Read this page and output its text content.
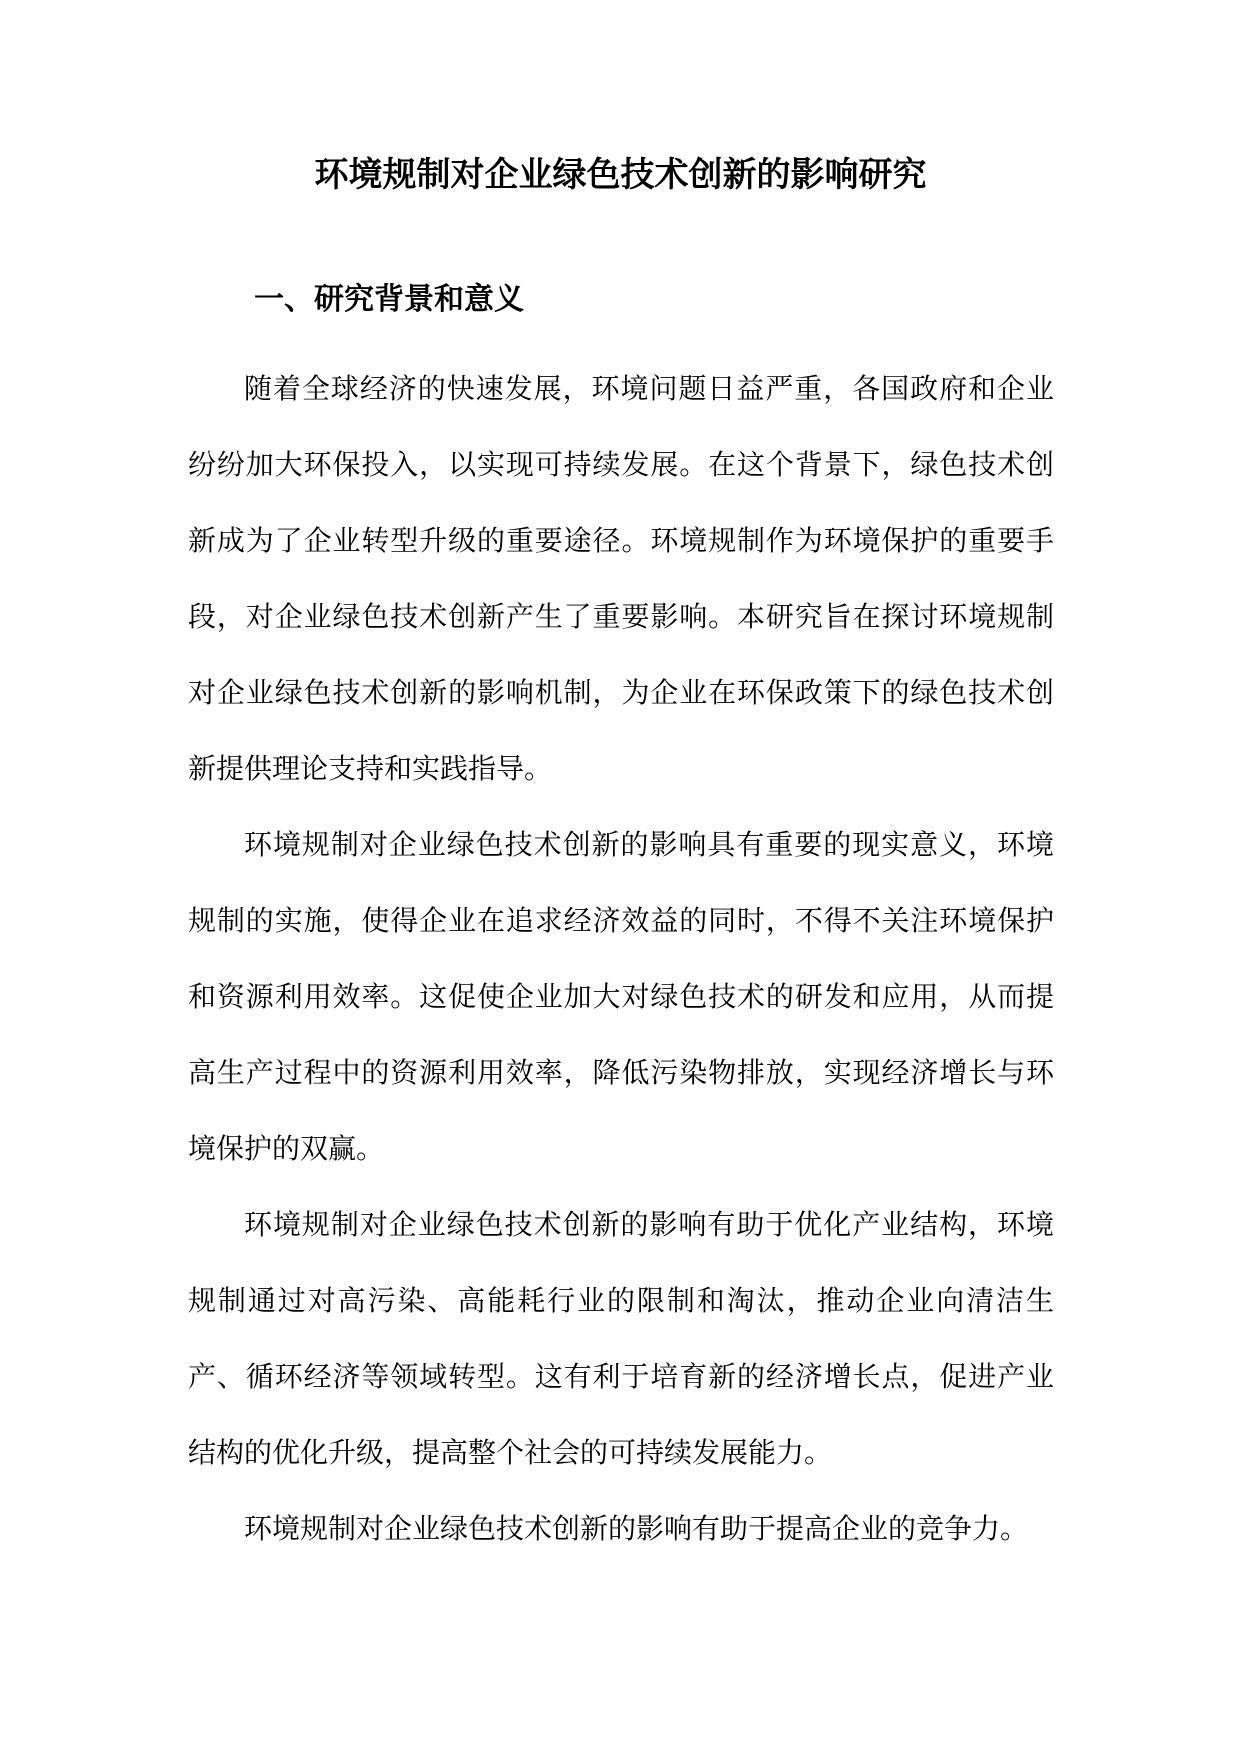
环境规制对企业绿色技术创新的影响研究
一、研究背景和意义

随着全球经济的快速发展，环境问题日益严重，各国政府和企业纷纷加大环保投入，以实现可持续发展。在这个背景下，绿色技术创新成为了企业转型升级的重要途径。环境规制作为环境保护的重要手段，对企业绿色技术创新产生了重要影响。本研究旨在探讨环境规制对企业绿色技术创新的影响机制，为企业在环保政策下的绿色技术创新提供理论支持和实践指导。

环境规制对企业绿色技术创新的影响具有重要的现实意义，环境规制的实施，使得企业在追求经济效益的同时，不得不关注环境保护和资源利用效率。这促使企业加大对绿色技术的研发和应用，从而提高生产过程中的资源利用效率，降低污染物排放，实现经济增长与环境保护的双赢。

环境规制对企业绿色技术创新的影响有助于优化产业结构，环境规制通过对高污染、高能耗行业的限制和淘汰，推动企业向清洁生产、循环经济等领域转型。这有利于培育新的经济增长点，促进产业结构的优化升级，提高整个社会的可持续发展能力。

环境规制对企业绿色技术创新的影响有助于提高企业的竞争力。
